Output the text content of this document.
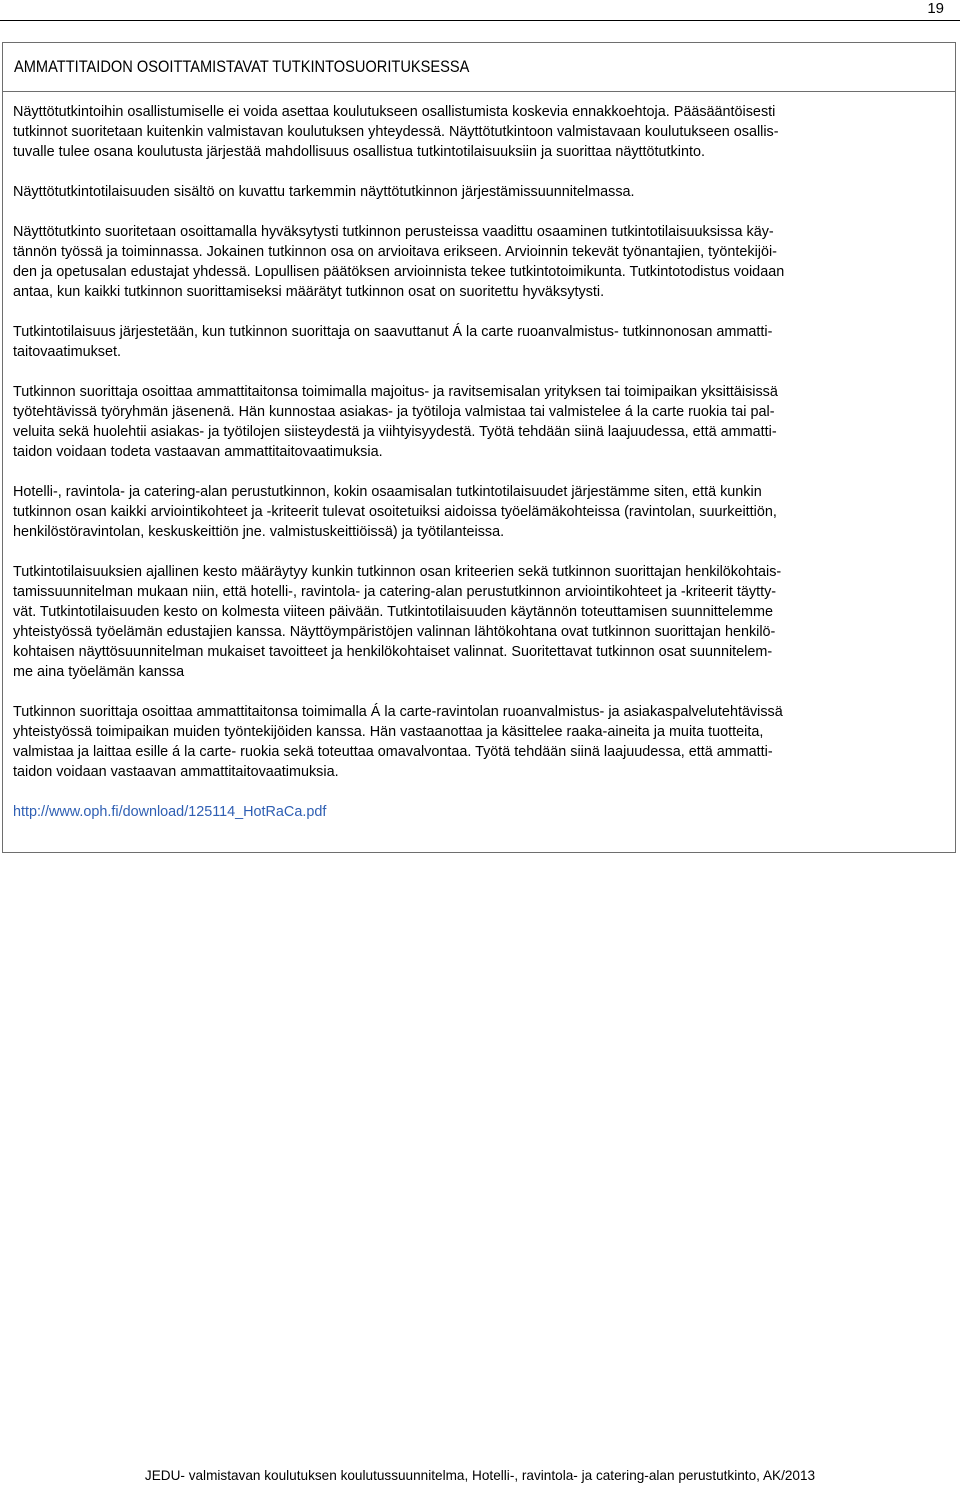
19
AMMATTITAIDON OSOITTAMISTAVAT TUTKINTOSUORITUKSESSA

Näyttötutkintoihin osallistumiselle ei voida asettaa koulutukseen osallistumista koskevia ennakkoehtoja. Pääsääntöisesti
tutkinnot suoritetaan kuitenkin valmistavan koulutuksen yhteydessä. Näyttötutkintoon valmistavaan koulutukseen osallis-
tuvalle tulee osana koulutusta järjestää mahdollisuus osallistua tutkintotilaisuuksiin ja suorittaa näyttötutkinto.

Näyttötutkintotilaisuuden sisältö on kuvattu tarkemmin näyttötutkinnon järjestämissuunnitelmassa.

Näyttötutkinto suoritetaan osoittamalla hyväksytysti tutkinnon perusteissa vaadittu osaaminen tutkintotilaisuuksissa käy-
tännön työssä ja toiminnassa. Jokainen tutkinnon osa on arvioitava erikseen. Arvioinnin tekevät työnantajien, työntekijöi-
den ja opetusalan edustajat yhdessä. Lopullisen päätöksen arvioinnista tekee tutkintotoimikunta. Tutkintotodistus voidaan
antaa, kun kaikki tutkinnon suorittamiseksi määrätyt tutkinnon osat on suoritettu hyväksytysti.

Tutkintotilaisuus järjestetään, kun tutkinnon suorittaja on saavuttanut Á la carte ruoanvalmistus- tutkinnonosan ammatti-
taitovaatimukset.

Tutkinnon suorittaja osoittaa ammattitaitonsa toimimalla majoitus- ja ravitsemisalan yrityksen tai toimipaikan yksittäisissä
työtehtävissä työryhmän jäsenenä. Hän kunnostaa asiakas- ja työtiloja valmistaa tai valmistelee á la carte ruokia tai pal-
veluita sekä huolehtii asiakas- ja työtilojen siisteydestä ja viihtyisyydestä. Työtä tehdään siinä laajuudessa, että ammatti-
taidon voidaan todeta vastaavan ammattitaitovaatimuksia.

Hotelli-, ravintola- ja catering-alan perustutkinnon, kokin osaamisalan tutkintotilaisuudet järjestämme siten, että kunkin
tutkinnon osan kaikki arviointikohteet ja -kriteerit tulevat osoitetuiksi aidoissa työelämäkohteissa (ravintolan, suurkeittiön,
henkilöstöravintolan, keskuskeittiön jne. valmistuskeittiöissä) ja työtilanteissa.

Tutkintotilaisuuksien ajallinen kesto määräytyy kunkin tutkinnon osan kriteerien sekä tutkinnon suorittajan henkilökohtais-
tamissuunnitelman mukaan niin, että hotelli-, ravintola- ja catering-alan perustutkinnon arviointikohteet ja -kriteerit täytty-
vät. Tutkintotilaisuuden kesto on kolmesta viiteen päivään. Tutkintotilaisuuden käytännön toteuttamisen suunnittelemme
yhteistyössä työelämän edustajien kanssa. Näyttöympäristöjen valinnan lähtökohtana ovat tutkinnon suorittajan henkilö-
kohtaisen näyttösuunnitelman mukaiset tavoitteet ja henkilökohtaiset valinnat. Suoritettavat tutkinnon osat suunnitelem-
me aina työelämän kanssa

Tutkinnon suorittaja osoittaa ammattitaitonsa toimimalla Á la carte-ravintolan ruoanvalmistus- ja asiakaspalvelutehtävissä
yhteistyössä toimipaikan muiden työntekijöiden kanssa. Hän vastaanottaa ja käsittelee raaka-aineita ja muita tuotteita,
valmistaa ja laittaa esille á la carte- ruokia sekä toteuttaa omavalvontaa. Työtä tehdään siinä laajuudessa, että ammatti-
taidon voidaan vastaavan ammattitaitovaatimuksia.

http://www.oph.fi/download/125114_HotRaCa.pdf

JEDU- valmistavan koulutuksen koulutussuunnitelma, Hotelli-, ravintola- ja catering-alan perustutkinto, AK/2013
